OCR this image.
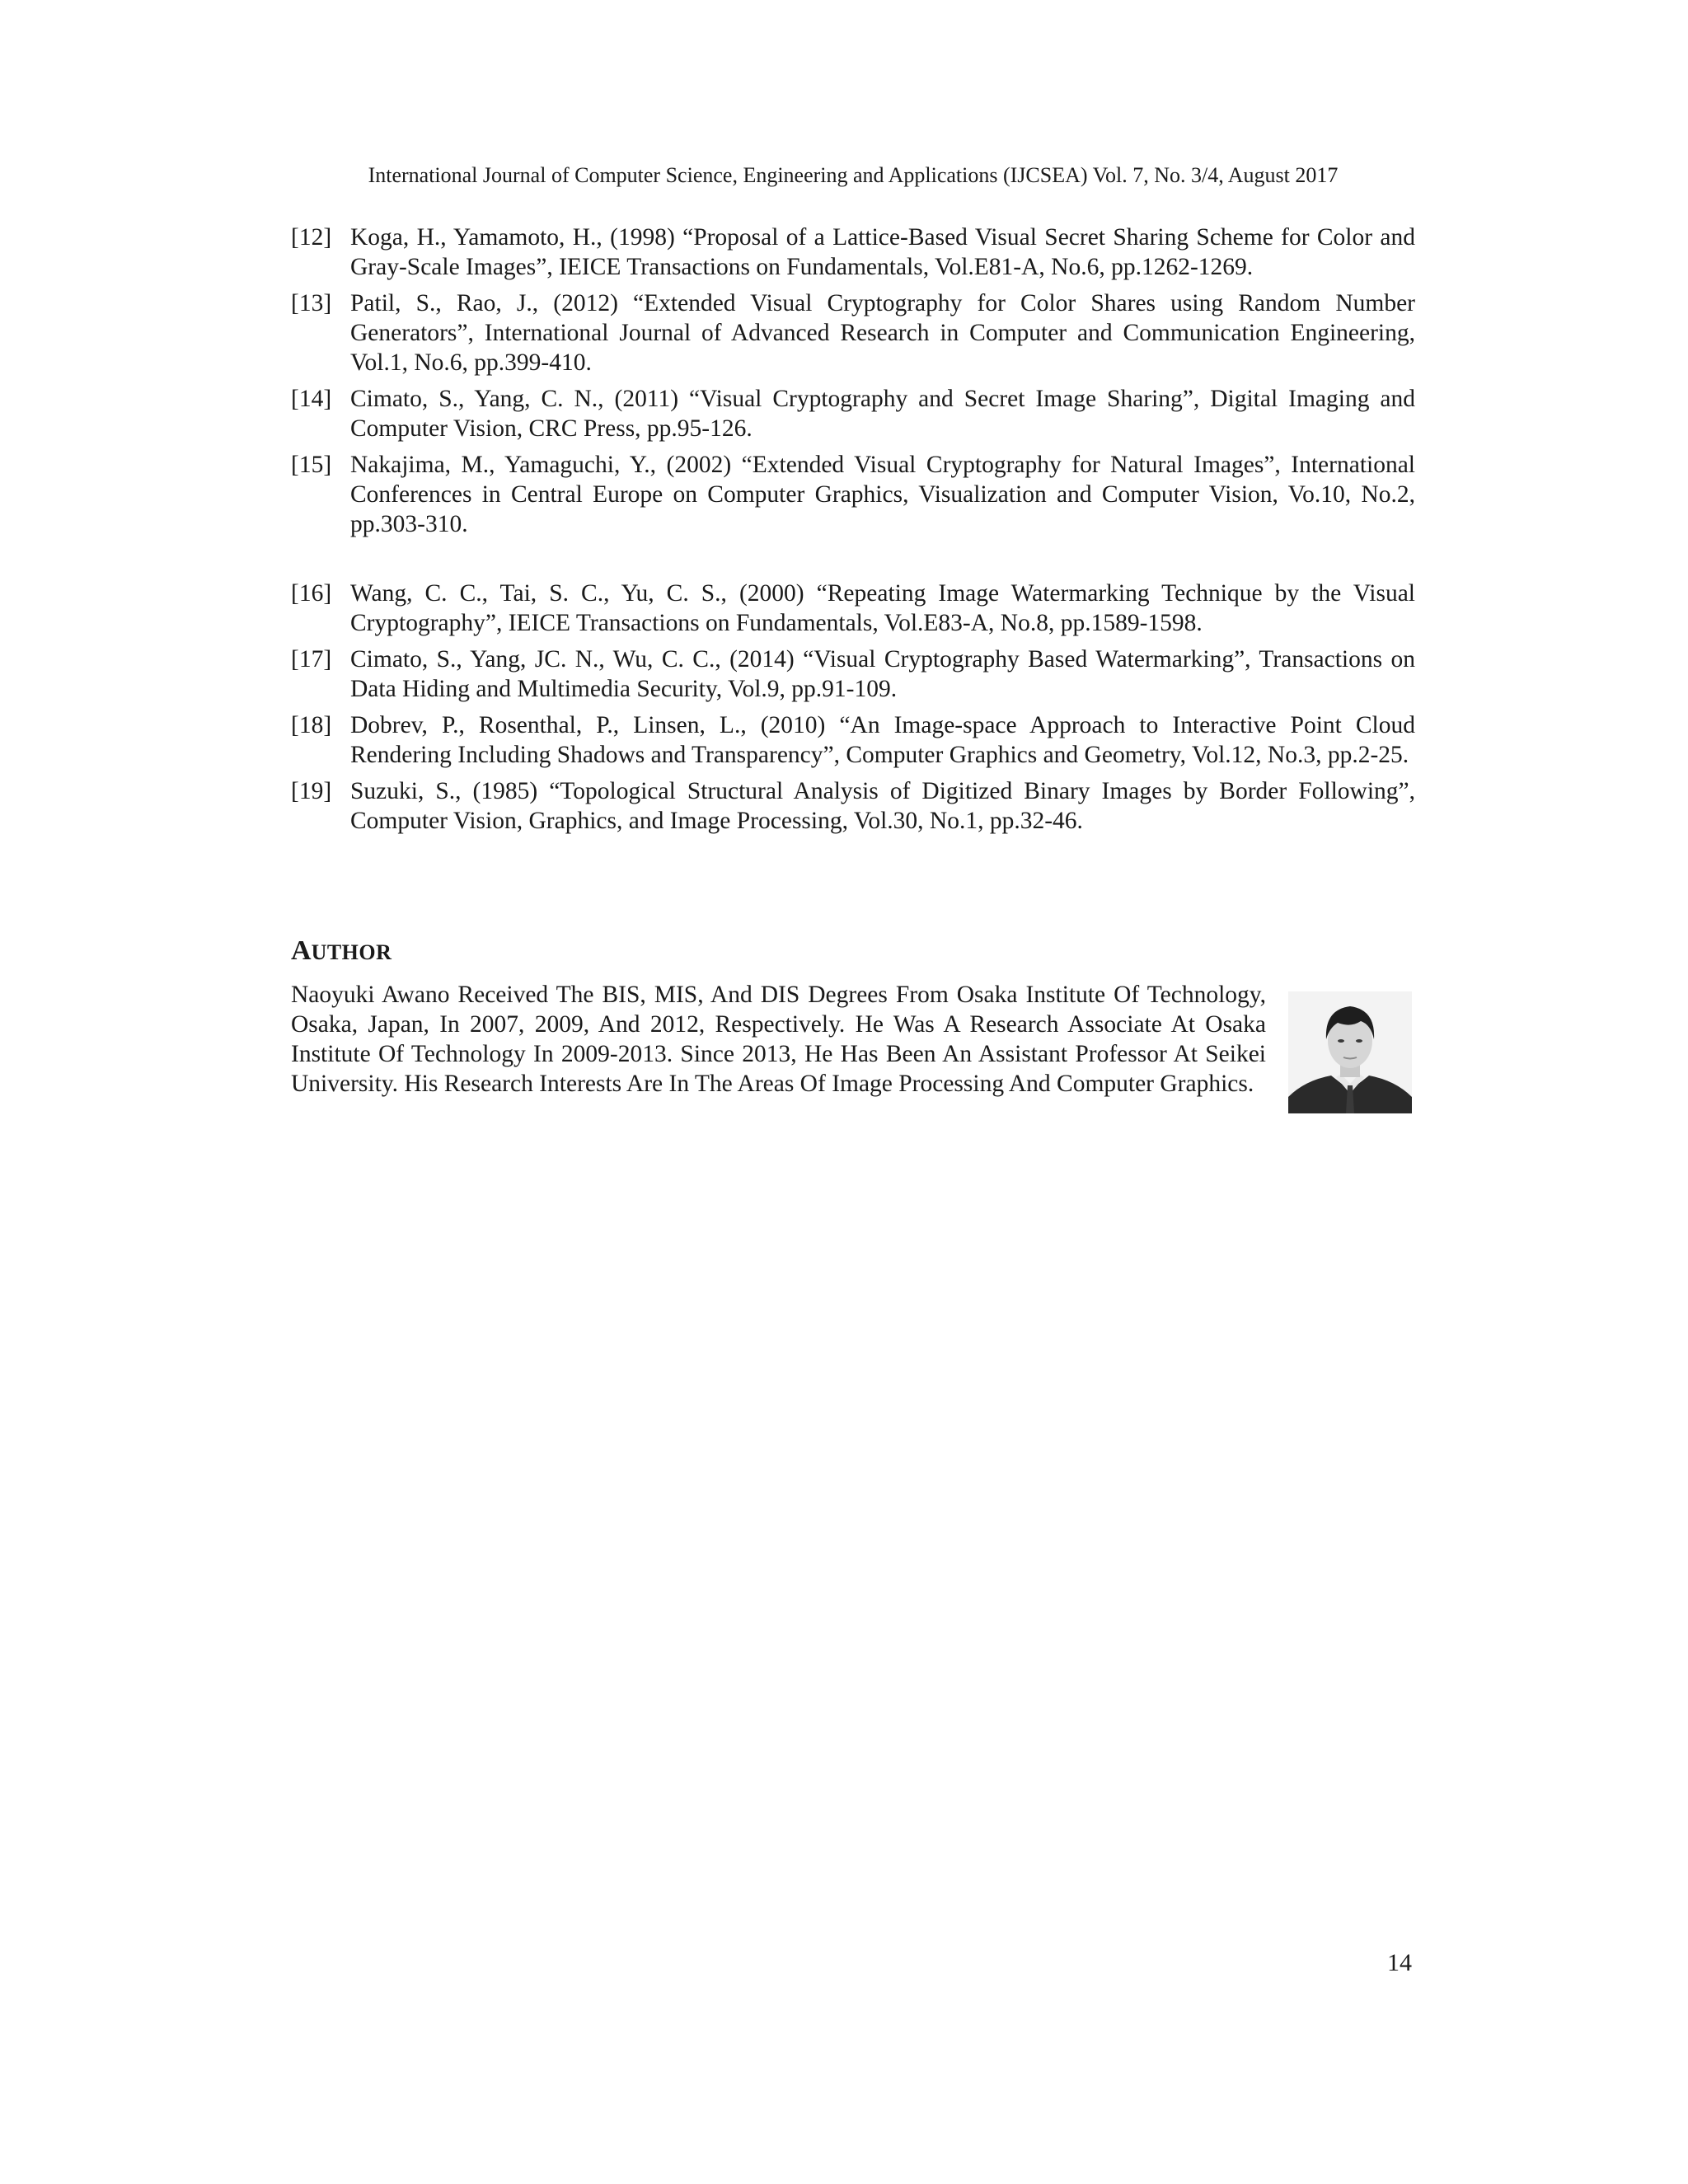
International Journal of Computer Science, Engineering and Applications (IJCSEA) Vol. 7, No. 3/4, August 2017
[12] Koga, H., Yamamoto, H., (1998) “Proposal of a Lattice-Based Visual Secret Sharing Scheme for Color and Gray-Scale Images”, IEICE Transactions on Fundamentals, Vol.E81-A, No.6, pp.1262-1269.
[13] Patil, S., Rao, J., (2012) “Extended Visual Cryptography for Color Shares using Random Number Generators”, International Journal of Advanced Research in Computer and Communication Engineering, Vol.1, No.6, pp.399-410.
[14] Cimato, S., Yang, C. N., (2011) “Visual Cryptography and Secret Image Sharing”, Digital Imaging and Computer Vision, CRC Press, pp.95-126.
[15] Nakajima, M., Yamaguchi, Y., (2002) “Extended Visual Cryptography for Natural Images”, International Conferences in Central Europe on Computer Graphics, Visualization and Computer Vision, Vo.10, No.2, pp.303-310.
[16] Wang, C. C., Tai, S. C., Yu, C. S., (2000) “Repeating Image Watermarking Technique by the Visual Cryptography”, IEICE Transactions on Fundamentals, Vol.E83-A, No.8, pp.1589-1598.
[17] Cimato, S., Yang, JC. N., Wu, C. C., (2014) “Visual Cryptography Based Watermarking”, Transactions on Data Hiding and Multimedia Security, Vol.9, pp.91-109.
[18] Dobrev, P., Rosenthal, P., Linsen, L., (2010) “An Image-space Approach to Interactive Point Cloud Rendering Including Shadows and Transparency”, Computer Graphics and Geometry, Vol.12, No.3, pp.2-25.
[19] Suzuki, S., (1985) “Topological Structural Analysis of Digitized Binary Images by Border Following”, Computer Vision, Graphics, and Image Processing, Vol.30, No.1, pp.32-46.
AUTHOR

Naoyuki Awano Received The BIS, MIS, And DIS Degrees From Osaka Institute Of Technology, Osaka, Japan, In 2007, 2009, And 2012, Respectively. He Was A Research Associate At Osaka Institute Of Technology In 2009-2013. Since 2013, He Has Been An Assistant Professor At Seikei University. His Research Interests Are In The Areas Of Image Processing And Computer Graphics.

14
